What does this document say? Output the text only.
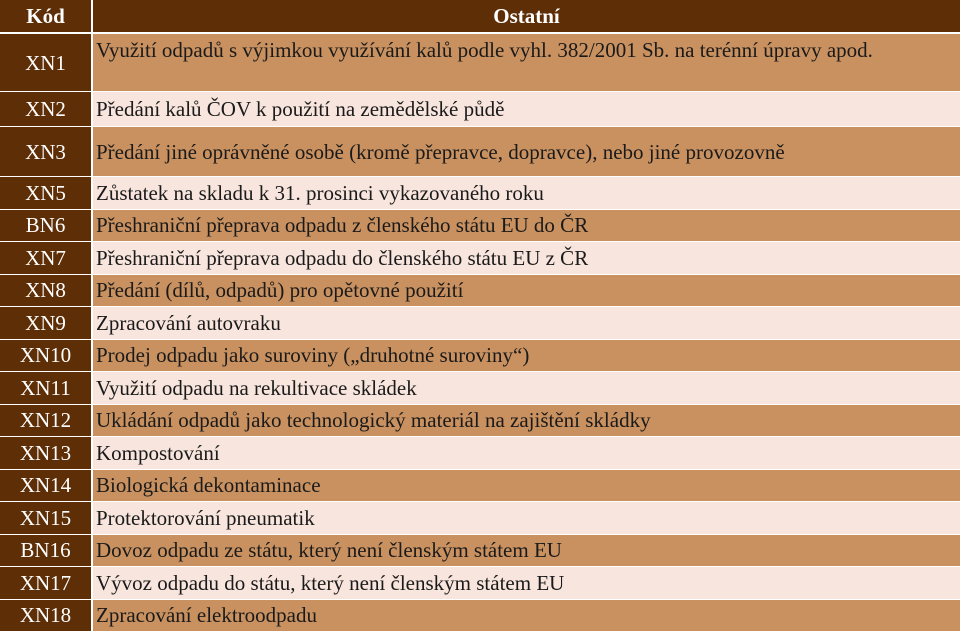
Kód	Ostatní
XN1	Využití odpadů s výjimkou využívání kalů podle vyhl. 382/2001 Sb. na terénní úpravy apod.
XN2	Předání kalů ČOV k použití na zemědělské půdě
XN3	Předání jiné oprávněné osobě (kromě přepravce, dopravce), nebo jiné provozovně
XN5	Zůstatek na skladu k 31. prosinci vykazovaného roku
BN6	Přeshraniční přeprava odpadu z členského státu EU do ČR
XN7	Přeshraniční přeprava odpadu do členského státu EU z ČR
XN8	Předání (dílů, odpadů) pro opětovné použití
XN9	Zpracování autovraku
XN10	Prodej odpadu jako suroviny („druhotné suroviny“)
XN11	Využití odpadu na rekultivace skládek
XN12	Ukládání odpadů jako technologický materiál na zajištění skládky
XN13	Kompostování
XN14	Biologická dekontaminace
XN15	Protektorování pneumatik
BN16	Dovoz odpadu ze státu, který není členským státem EU
XN17	Vývoz odpadu do státu, který není členským státem EU
XN18	Zpracování elektroodpadu
